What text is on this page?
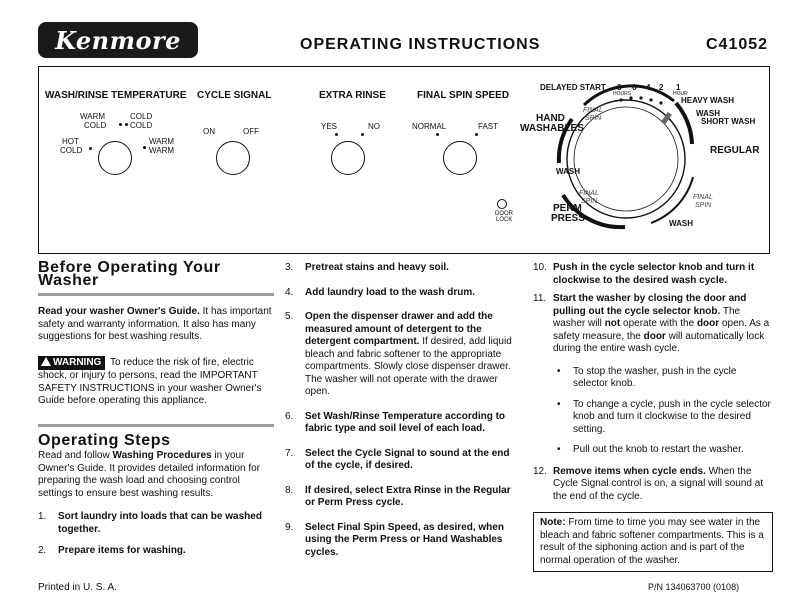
Kenmore	OPERATING INSTRUCTIONS	C41052
WASH/RINSE TEMPERATURE
WARM
COLD
COLD
COLD
HOT
COLD
WARM
WARM
CYCLE SIGNAL
ON	OFF
EXTRA RINSE
YES	NO
FINAL SPIN SPEED
NORMAL	FAST
DOOR
LOCK
DELAYED START 8 6 4 2 1
HOURS	HOUR
HEAVY WASH
WASH
SHORT WASH
REGULAR
HAND
WASHABLES
FINAL
SPIN
WASH
FINAL
SPIN
PERM
PRESS	WASH
FINAL
SPIN
Before Operating Your Washer

Read your washer Owner's Guide. It has important safety and warranty information. It also has many suggestions for best washing results.

WARNING To reduce the risk of fire, electric shock, or injury to persons, read the IMPORTANT SAFETY INSTRUCTIONS in your washer Owner's Guide before operating this appliance.

Operating Steps

Read and follow Washing Procedures in your Owner's Guide. It provides detailed information for preparing the wash load and choosing control settings to ensure best washing results.

1. Sort laundry into loads that can be washed together.
2. Prepare items for washing.
3. Pretreat stains and heavy soil.
4. Add laundry load to the wash drum.
5. Open the dispenser drawer and add the measured amount of detergent to the detergent compartment. If desired, add liquid bleach and fabric softener to the appropriate compartments. Slowly close dispenser drawer. The washer will not operate with the drawer open.
6. Set Wash/Rinse Temperature according to fabric type and soil level of each load.
7. Select the Cycle Signal to sound at the end of the cycle, if desired.
8. If desired, select Extra Rinse in the Regular or Perm Press cycle.
9. Select Final Spin Speed, as desired, when using the Perm Press or Hand Washables cycles.
10. Push in the cycle selector knob and turn it clockwise to the desired wash cycle.
11. Start the washer by closing the door and pulling out the cycle selector knob. The washer will not operate with the door open. As a safety measure, the door will automatically lock during the entire wash cycle.
• To stop the washer, push in the cycle selector knob.
• To change a cycle, push in the cycle selector knob and turn it clockwise to the desired setting.
• Pull out the knob to restart the washer.
12. Remove items when cycle ends. When the Cycle Signal control is on, a signal will sound at the end of the cycle.
Note: From time to time you may see water in the bleach and fabric softener compartments. This is a result of the siphoning action and is part of the normal operation of the washer.
Printed in U. S. A.	P/N 134063700 (0108)
